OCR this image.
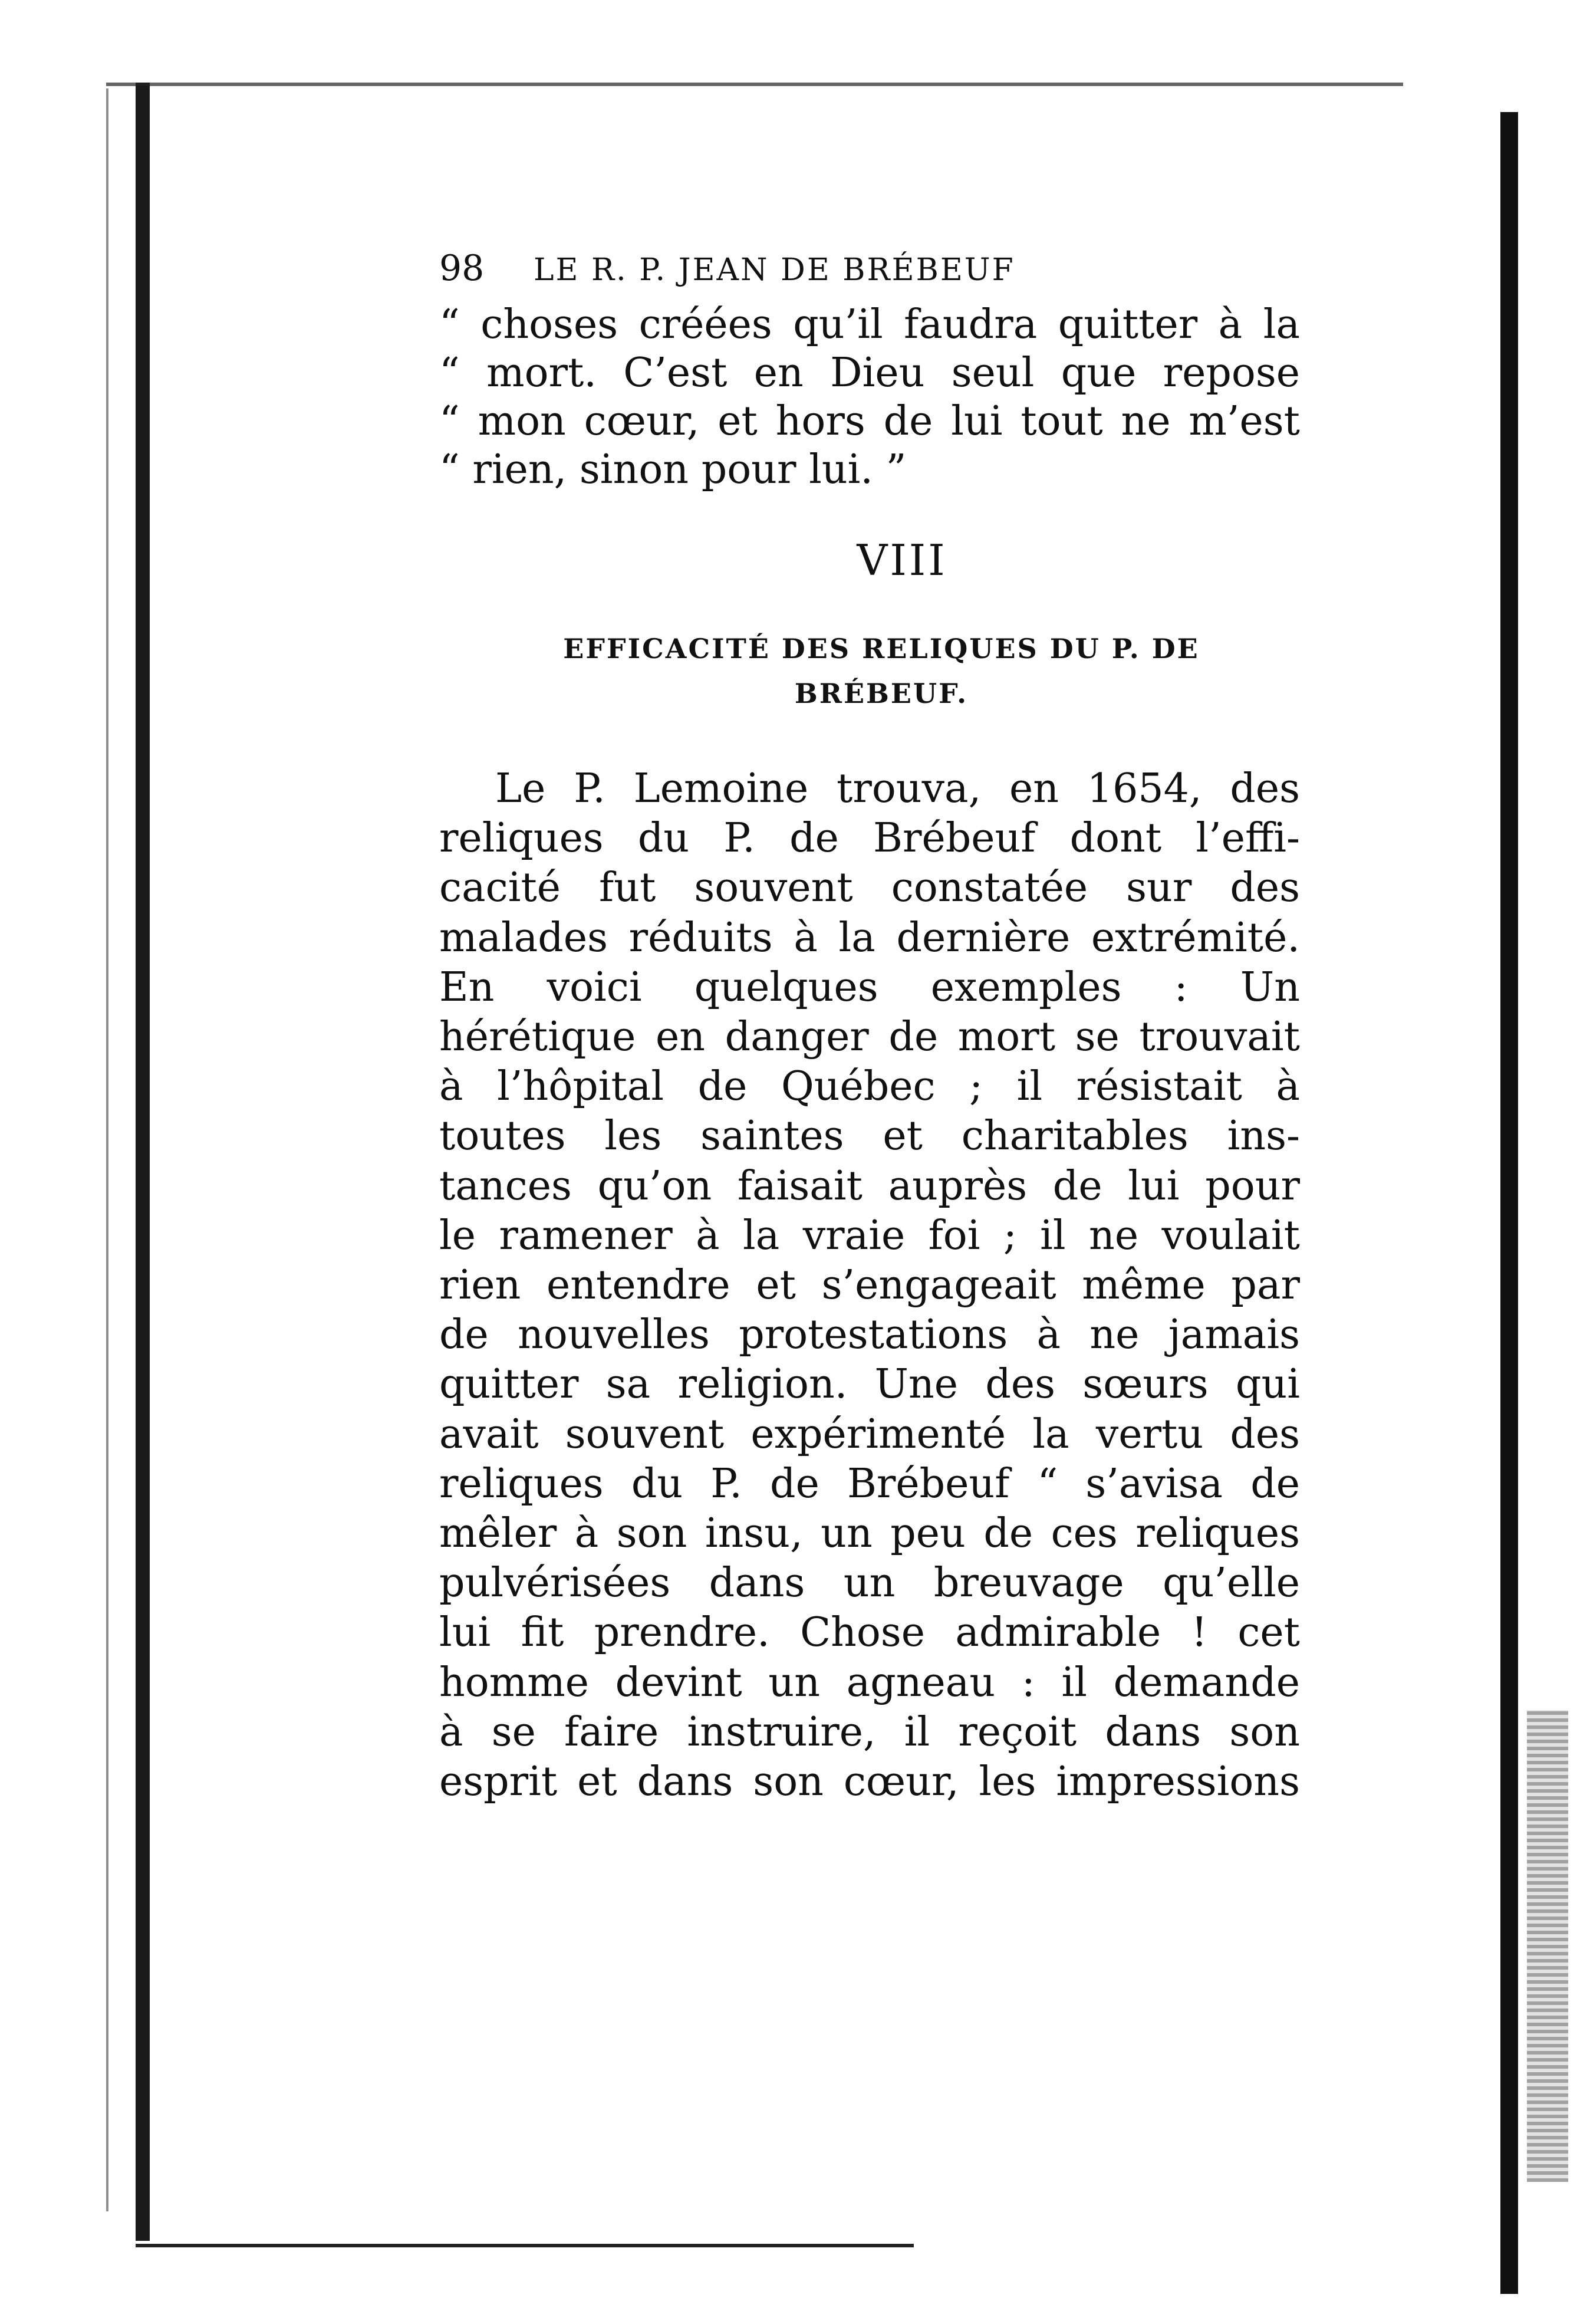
98	LE R. P. JEAN DE BRÉBEUF
“ choses créées qu’il faudra quitter à la
“ mort. C’est en Dieu seul que repose
“ mon cœur, et hors de lui tout ne m’est
“ rien, sinon pour lui. ”
VIII
EFFICACITÉ DES RELIQUES DU P. DE
BRÉBEUF.
Le P. Lemoine trouva, en 1654, des
reliques du P. de Brébeuf dont l’effi-
cacité fut souvent constatée sur des
malades réduits à la dernière extrémité.
En voici quelques exemples : Un
hérétique en danger de mort se trouvait
à l’hôpital de Québec ; il résistait à
toutes les saintes et charitables ins-
tances qu’on faisait auprès de lui pour
le ramener à la vraie foi ; il ne voulait
rien entendre et s’engageait même par
de nouvelles protestations à ne jamais
quitter sa religion. Une des sœurs qui
avait souvent expérimenté la vertu des
reliques du P. de Brébeuf “ s’avisa de
mêler à son insu, un peu de ces reliques
pulvérisées dans un breuvage qu’elle
lui fit prendre. Chose admirable ! cet
homme devint un agneau : il demande
à se faire instruire, il reçoit dans son
esprit et dans son cœur, les impressions
